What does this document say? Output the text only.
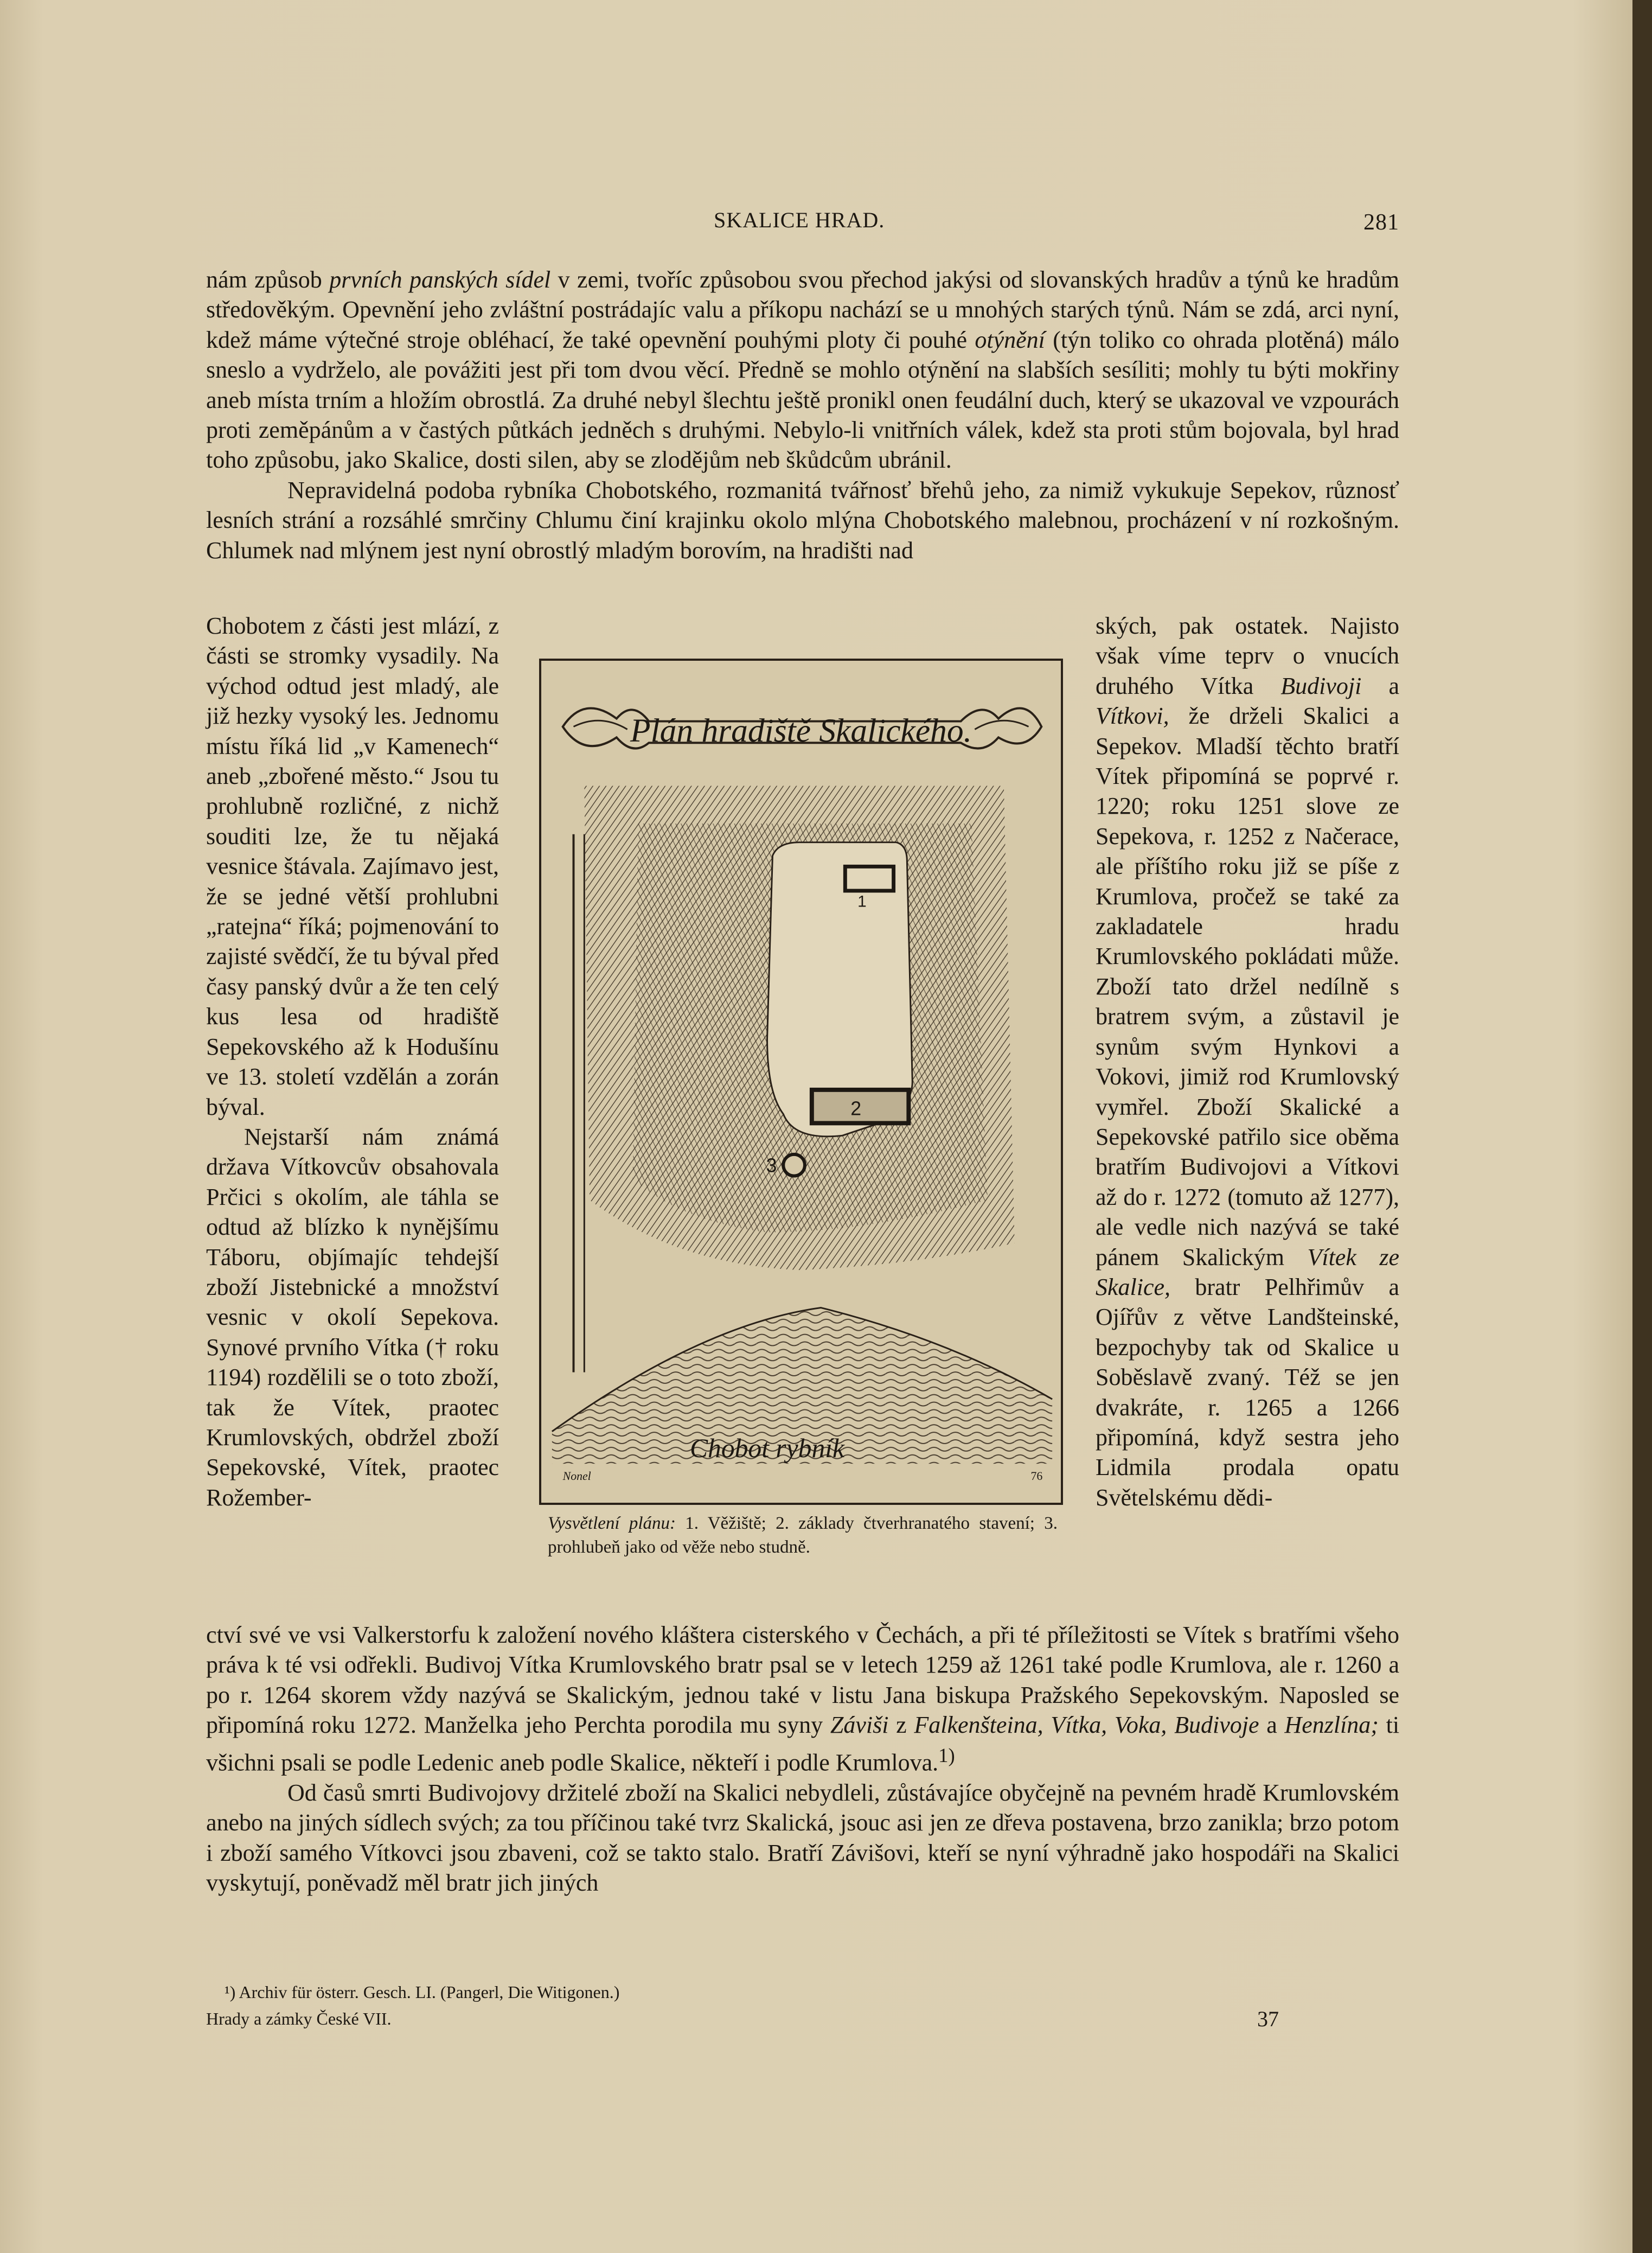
SKALICE HRAD.	281

nám způsob prvních panských sídel v zemi, tvoříc způsobou svou přechod jakýsi od slovanských hradův a týnů ke hradům středověkým. Opevnění jeho zvláštní postrádajíc valu a příkopu nachází se u mnohých starých týnů. Nám se zdá, arci nyní, kdež máme výtečné stroje obléhací, že také opevnění pouhými ploty či pouhé otýnění (týn toliko co ohrada plotěná) málo sneslo a vydrželo, ale povážiti jest při tom dvou věcí. Předně se mohlo otýnění na slabších sesíliti; mohly tu býti mokřiny aneb místa trním a hložím obrostlá. Za druhé nebyl šlechtu ještě pronikl onen feudální duch, který se ukazoval ve vzpourách proti zeměpánům a v častých půtkách jedněch s druhými. Nebylo-li vnitřních válek, kdež sta proti stům bojovala, byl hrad toho způsobu, jako Skalice, dosti silen, aby se zlodějům neb škůdcům ubránil.

Nepravidelná podoba rybníka Chobotského, rozmanitá tvářnosť břehů jeho, za nimiž vykukuje Sepekov, různosť lesních strání a rozsáhlé smrčiny Chlumu činí krajinku okolo mlýna Chobotského malebnou, procházení v ní rozkošným. Chlumek nad mlýnem jest nyní obrostlý mladým borovím, na hradišti nad

Chobotem z části jest mlází, z části se stromky vysadily. Na východ odtud jest mladý, ale již hezky vysoký les. Jednomu místu říká lid „v Kamenech“ aneb „zbořené město.“ Jsou tu prohlubně rozličné, z nichž souditi lze, že tu nějaká vesnice štávala. Zajímavo jest, že se jedné větší prohlubni „ratejna“ říká; pojmenování to zajisté svědčí, že tu býval před časy panský dvůr a že ten celý kus lesa od hradiště Sepekovského až k Hodušínu ve 13. století vzdělán a zorán býval.

Nejstarší nám známá država Vítkovcův obsahovala Prčici s okolím, ale táhla se odtud až blízko k nynějšímu Táboru, objímajíc tehdejší zboží Jistebnické a množství vesnic v okolí Sepekova. Synové prvního Vítka († roku 1194) rozdělili se o toto zboží, tak že Vítek, praotec Krumlovských, obdržel zboží Sepekovské, Vítek, praotec Rožember-

Plán hradiště Skalického.
1
2
3
Chobot rybník
Nonel	76
Vysvětlení plánu: 1. Věžiště; 2. základy čtverhranatého stavení; 3. prohlubeň jako od věže nebo studně.

ských, pak ostatek. Najisto však víme teprv o vnucích druhého Vítka Budivoji a Vítkovi, že drželi Skalici a Sepekov. Mladší těchto bratří Vítek připomíná se poprvé r. 1220; roku 1251 slove ze Sepekova, r. 1252 z Načerace, ale příštího roku již se píše z Krumlova, pročež se také za zakladatele hradu Krumlovského pokládati může. Zboží tato držel nedílně s bratrem svým, a zůstavil je synům svým Hynkovi a Vokovi, jimiž rod Krumlovský vymřel. Zboží Skalické a Sepekovské patřilo sice oběma bratřím Budivojovi a Vítkovi až do r. 1272 (tomuto až 1277), ale vedle nich nazývá se také pánem Skalickým Vítek ze Skalice, bratr Pelhřimův a Ojířův z větve Landšteinské, bezpochyby tak od Skalice u Soběslavě zvaný. Též se jen dvakráte, r. 1265 a 1266 připomíná, když sestra jeho Lidmila prodala opatu Světelskému dědi-

ctví své ve vsi Valkerstorfu k založení nového kláštera cisterského v Čechách, a při té příležitosti se Vítek s bratřími všeho práva k té vsi odřekli. Budivoj Vítka Krumlovského bratr psal se v letech 1259 až 1261 také podle Krumlova, ale r. 1260 a po r. 1264 skorem vždy nazývá se Skalickým, jednou také v listu Jana biskupa Pražského Sepekovským. Naposled se připomíná roku 1272. Manželka jeho Perchta porodila mu syny Záviši z Falkenšteina, Vítka, Voka, Budivoje a Henzlína; ti všichni psali se podle Ledenic aneb podle Skalice, někteří i podle Krumlova.$^{1)}$

Od časů smrti Budivojovy držitelé zboží na Skalici nebydleli, zůstávajíce obyčejně na pevném hradě Krumlovském anebo na jiných sídlech svých; za tou příčinou také tvrz Skalická, jsouc asi jen ze dřeva postavena, brzo zanikla; brzo potom i zboží samého Vítkovci jsou zbaveni, což se takto stalo. Bratří Závišovi, kteří se nyní výhradně jako hospodáři na Skalici vyskytují, poněvadž měl bratr jich jiných

¹) Archiv für österr. Gesch. LI. (Pangerl, Die Witigonen.)
Hrady a zámky České VII.	37
